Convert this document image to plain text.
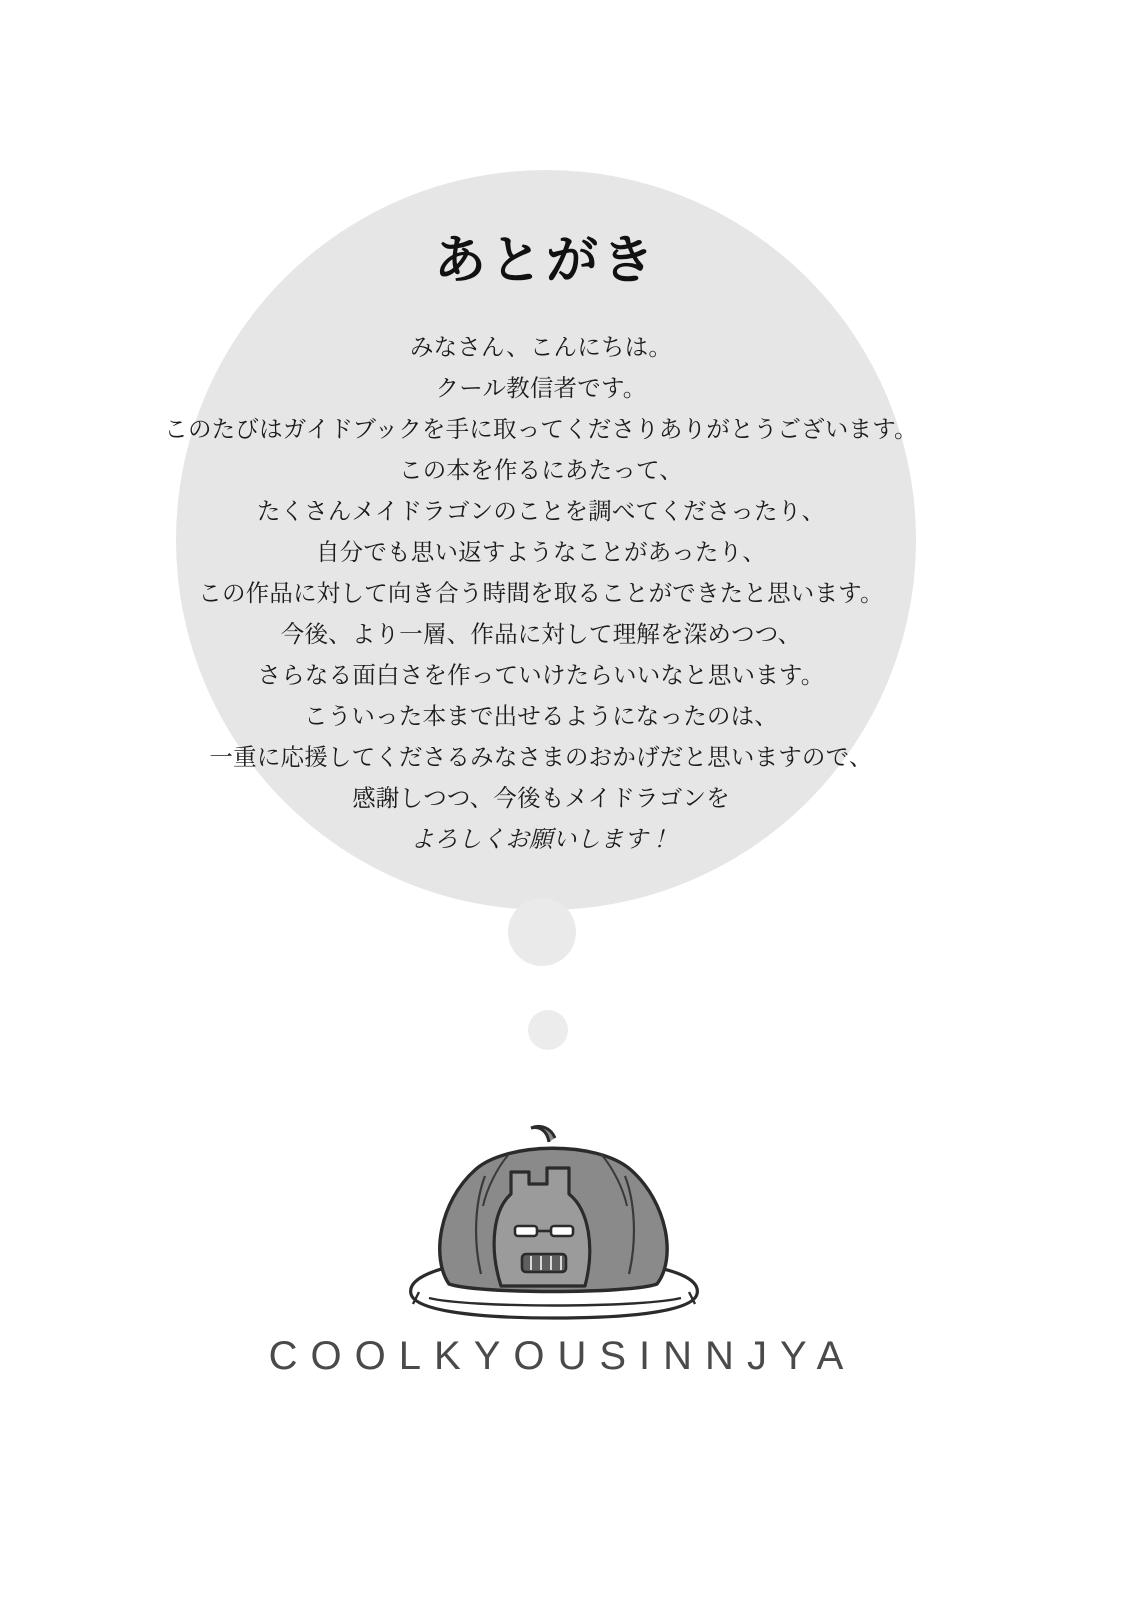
あとがき
みなさん、こんにちは。
クール教信者です。
このたびはガイドブックを手に取ってくださりありがとうございます。
この本を作るにあたって、
たくさんメイドラゴンのことを調べてくださったり、
自分でも思い返すようなことがあったり、
この作品に対して向き合う時間を取ることができたと思います。
今後、より一層、作品に対して理解を深めつつ、
さらなる面白さを作っていけたらいいなと思います。
こういった本まで出せるようになったのは、
一重に応援してくださるみなさまのおかげだと思いますので、
感謝しつつ、今後もメイドラゴンを
よろしくお願いします！
COOLKYOUSINNJYA
